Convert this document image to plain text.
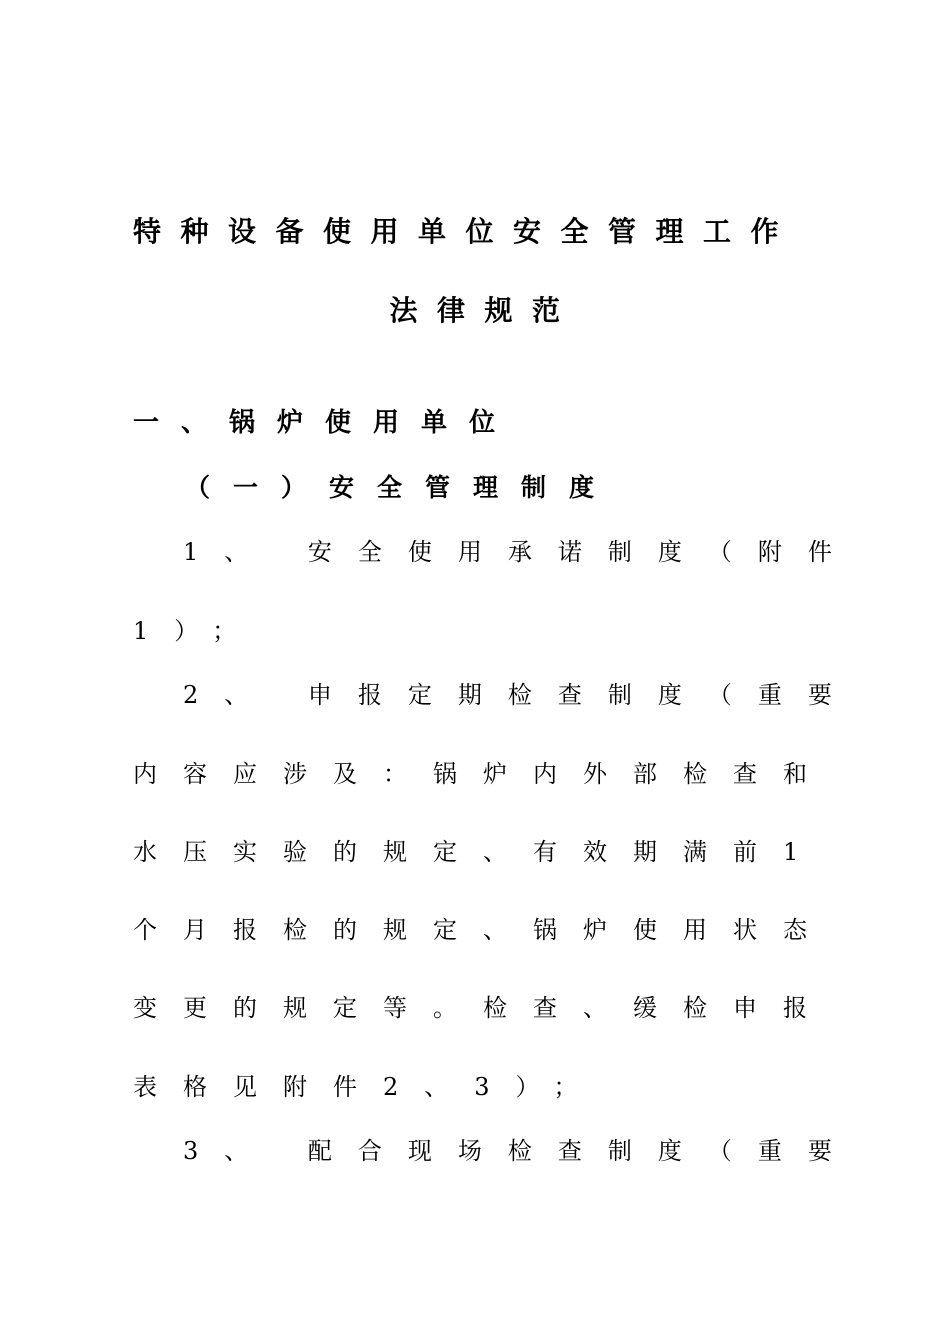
特种设备使用单位安全管理工作
法律规范
一、锅炉使用单位
（一）安全管理制度
1、 安全使用承诺制度（附件
1）；
2、 申报定期检查制度（重要
内容应涉及：锅炉内外部检查和
水压实验的规定、有效期满前1
个月报检的规定、锅炉使用状态
变更的规定等。检查、缓检申报
表格见附件2、3）；
3、 配合现场检查制度（重要
